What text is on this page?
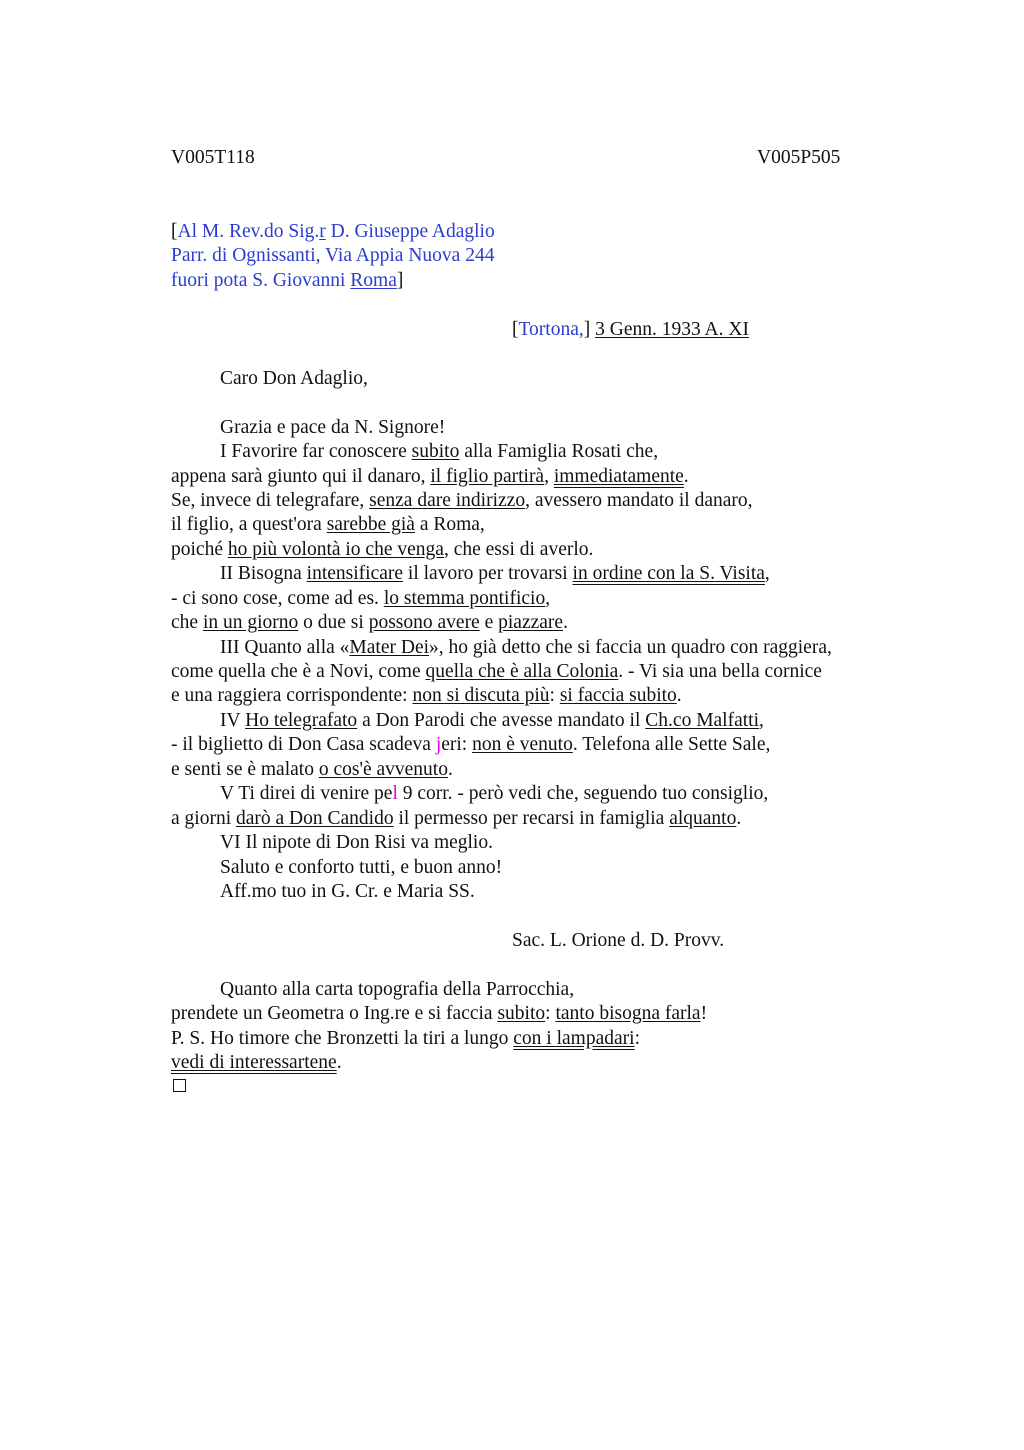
V005T118	V005P505
[Al M. Rev.do Sig.r D. Giuseppe Adaglio
Parr. di Ognissanti, Via Appia Nuova 244
fuori pota S. Giovanni Roma]
[Tortona,] 3 Genn. 1933 A. XI
Caro Don Adaglio,
Grazia e pace da N. Signore!
I Favorire far conoscere subito alla Famiglia Rosati che,
appena sarà giunto qui il danaro, il figlio partirà, immediatamente.
Se, invece di telegrafare, senza dare indirizzo, avessero mandato il danaro,
il figlio, a quest'ora sarebbe già a Roma,
poiché ho più volontà io che venga, che essi di averlo.
II Bisogna intensificare il lavoro per trovarsi in ordine con la S. Visita,
- ci sono cose, come ad es. lo stemma pontificio,
che in un giorno o due si possono avere e piazzare.
III Quanto alla «Mater Dei», ho già detto che si faccia un quadro con raggiera,
come quella che è a Novi, come quella che è alla Colonia. - Vi sia una bella cornice
e una raggiera corrispondente: non si discuta più: si faccia subito.
IV Ho telegrafato a Don Parodi che avesse mandato il Ch.co Malfatti,
- il biglietto di Don Casa scadeva jeri: non è venuto. Telefona alle Sette Sale,
e senti se è malato o cos'è avvenuto.
V Ti direi di venire pel 9 corr. - però vedi che, seguendo tuo consiglio,
a giorni darò a Don Candido il permesso per recarsi in famiglia alquanto.
VI Il nipote di Don Risi va meglio.
Saluto e conforto tutti, e buon anno!
Aff.mo tuo in G. Cr. e Maria SS.
Sac. L. Orione d. D. Provv.
Quanto alla carta topografia della Parrocchia,
prendete un Geometra o Ing.re e si faccia subito: tanto bisogna farla!
P. S. Ho timore che Bronzetti la tiri a lungo con i lampadari:
vedi di interessartene.
